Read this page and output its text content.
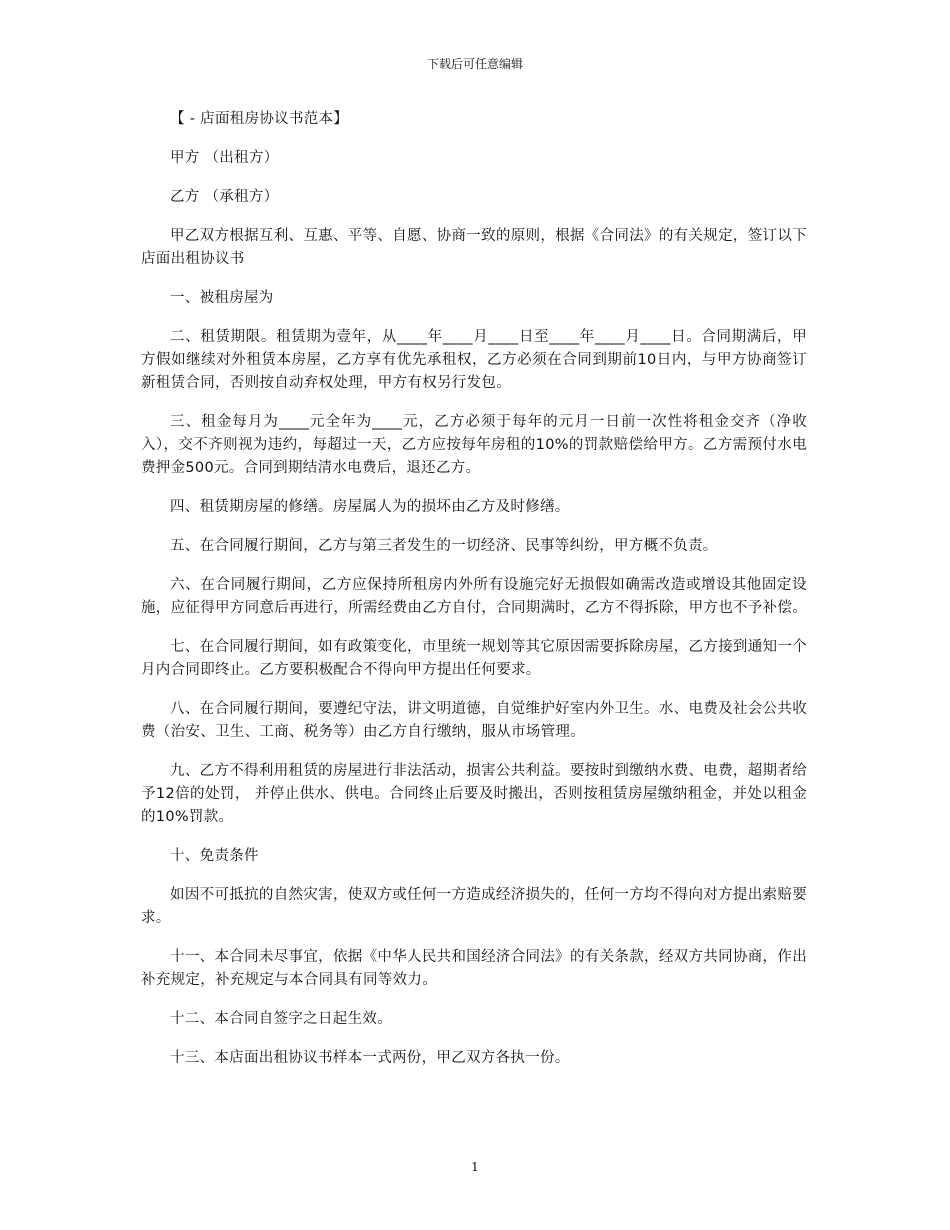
下载后可任意编辑

【 - 店面租房协议书范本】

甲方 （出租方）

乙方 （承租方）

甲乙双方根据互利、互惠、平等、自愿、协商一致的原则，根据《合同法》的有关规定，签订以下店面出租协议书

一、被租房屋为

二、租赁期限。租赁期为壹年，从____年____月____日至____年____月____日。合同期满后，甲方假如继续对外租赁本房屋，乙方享有优先承租权，乙方必须在合同到期前10日内，与甲方协商签订新租赁合同，否则按自动弃权处理，甲方有权另行发包。

三、租金每月为____元全年为____元，乙方必须于每年的元月一日前一次性将租金交齐（净收入），交不齐则视为违约，每超过一天，乙方应按每年房租的10%的罚款赔偿给甲方。乙方需预付水电费押金500元。合同到期结清水电费后，退还乙方。

四、租赁期房屋的修缮。房屋属人为的损坏由乙方及时修缮。

五、在合同履行期间，乙方与第三者发生的一切经济、民事等纠纷，甲方概不负责。

六、在合同履行期间，乙方应保持所租房内外所有设施完好无损假如确需改造或增设其他固定设施，应征得甲方同意后再进行，所需经费由乙方自付，合同期满时，乙方不得拆除，甲方也不予补偿。

七、在合同履行期间，如有政策变化，市里统一规划等其它原因需要拆除房屋，乙方接到通知一个月内合同即终止。乙方要积极配合不得向甲方提出任何要求。

八、在合同履行期间，要遵纪守法，讲文明道德，自觉维护好室内外卫生。水、电费及社会公共收费（治安、卫生、工商、税务等）由乙方自行缴纳，服从市场管理。

九、乙方不得利用租赁的房屋进行非法活动，损害公共利益。要按时到缴纳水费、电费，超期者给予12倍的处罚， 并停止供水、供电。合同终止后要及时搬出，否则按租赁房屋缴纳租金，并处以租金的10%罚款。

十、免责条件

如因不可抵抗的自然灾害，使双方或任何一方造成经济损失的，任何一方均不得向对方提出索赔要求。

十一、本合同未尽事宜，依据《中华人民共和国经济合同法》的有关条款，经双方共同协商，作出补充规定，补充规定与本合同具有同等效力。

十二、本合同自签字之日起生效。

十三、本店面出租协议书样本一式两份，甲乙双方各执一份。

1
